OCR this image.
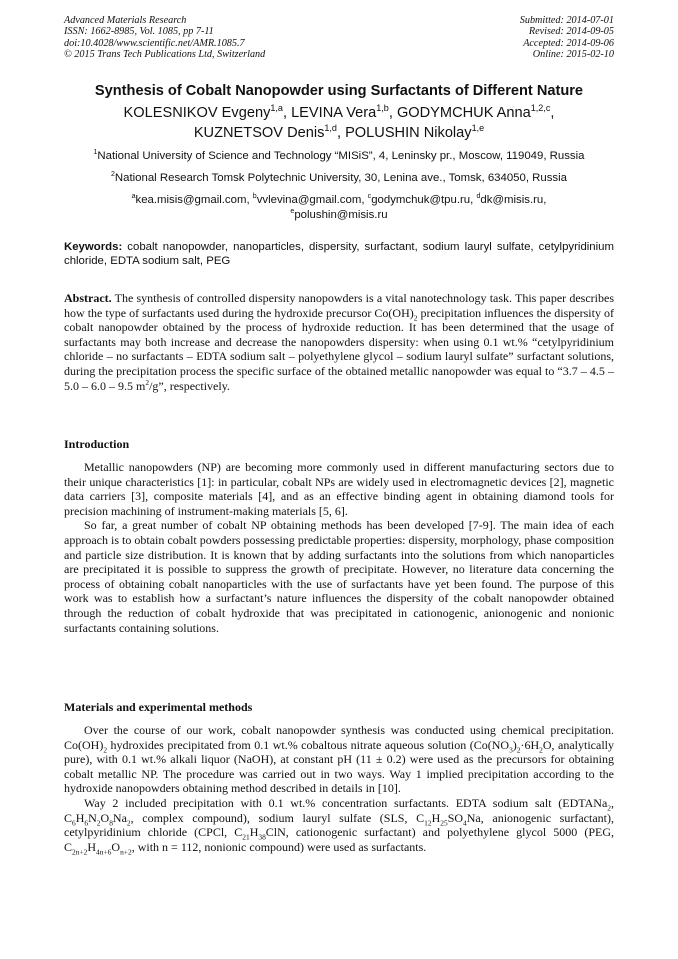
Advanced Materials Research
ISSN: 1662-8985, Vol. 1085, pp 7-11
doi:10.4028/www.scientific.net/AMR.1085.7
© 2015 Trans Tech Publications Ltd, Switzerland
Submitted: 2014-07-01
Revised: 2014-09-05
Accepted: 2014-09-06
Online: 2015-02-10
Synthesis of Cobalt Nanopowder using Surfactants of Different Nature
KOLESNIKOV Evgeny$^{1,a}$, LEVINA Vera$^{1,b}$, GODYMCHUK Anna$^{1,2,c}$,
KUZNETSOV Denis$^{1,d}$, POLUSHIN Nikolay$^{1,e}$
$^1$National University of Science and Technology “MISiS”, 4, Leninsky pr., Moscow, 119049, Russia
$^2$National Research Tomsk Polytechnic University, 30, Lenina ave., Tomsk, 634050, Russia
$^a$kea.misis@gmail.com, $^b$vvlevina@gmail.com, $^c$godymchuk@tpu.ru, $^d$dk@misis.ru,
$^e$polushin@misis.ru
Keywords: cobalt nanopowder, nanoparticles, dispersity, surfactant, sodium lauryl sulfate, cetylpyridinium chloride, EDTA sodium salt, PEG
Abstract. The synthesis of controlled dispersity nanopowders is a vital nanotechnology task. This paper describes how the type of surfactants used during the hydroxide precursor $Co(OH)_2$ precipitation influences the dispersity of cobalt nanopowder obtained by the process of hydroxide reduction. It has been determined that the usage of surfactants may both increase and decrease the nanopowders dispersity: when using 0.1 wt.% “cetylpyridinium chloride – no surfactants – EDTA sodium salt – polyethylene glycol – sodium lauryl sulfate” surfactant solutions, during the precipitation process the specific surface of the obtained metallic nanopowder was equal to “3.7 – 4.5 – 5.0 – 6.0 – 9.5 $m^2/g$”, respectively.
Introduction

Metallic nanopowders (NP) are becoming more commonly used in different manufacturing sectors due to their unique characteristics [1]: in particular, cobalt NPs are widely used in electromagnetic devices [2], magnetic data carriers [3], composite materials [4], and as an effective binding agent in obtaining diamond tools for precision machining of instrument-making materials [5, 6].

So far, a great number of cobalt NP obtaining methods has been developed [7-9]. The main idea of each approach is to obtain cobalt powders possessing predictable properties: dispersity, morphology, phase composition and particle size distribution. It is known that by adding surfactants into the solutions from which nanoparticles are precipitated it is possible to suppress the growth of precipitate. However, no literature data concerning the process of obtaining cobalt nanoparticles with the use of surfactants have yet been found. The purpose of this work was to establish how a surfactant’s nature influences the dispersity of the cobalt nanopowder obtained through the reduction of cobalt hydroxide that was precipitated in cationogenic, anionogenic and nonionic surfactants containing solutions.

Materials and experimental methods

Over the course of our work, cobalt nanopowder synthesis was conducted using chemical precipitation. $Co(OH)_2$ hydroxides precipitated from 0.1 wt.% cobaltous nitrate aqueous solution ($Co(NO_3)_2\cdot 6H_2O$, analytically pure), with 0.1 wt.% alkali liquor (NaOH), at constant pH (11 ± 0.2) were used as the precursors for obtaining cobalt metallic NP. The procedure was carried out in two ways. Way 1 implied precipitation according to the hydroxide nanopowders obtaining method described in details in [10].

Way 2 included precipitation with 0.1 wt.% concentration surfactants. EDTA sodium salt (EDTANa$_2$, $C_6H_6N_2O_8Na_2$, complex compound), sodium lauryl sulfate (SLS, $C_{12}H_{25}SO_4Na$, anionogenic surfactant), cetylpyridinium chloride (CPCl, $C_{21}H_{38}ClN$, cationogenic surfactant) and polyethylene glycol 5000 (PEG, $C_{2n+2}H_{4n+6}O_{n+2}$, with n = 112, nonionic compound) were used as surfactants.
